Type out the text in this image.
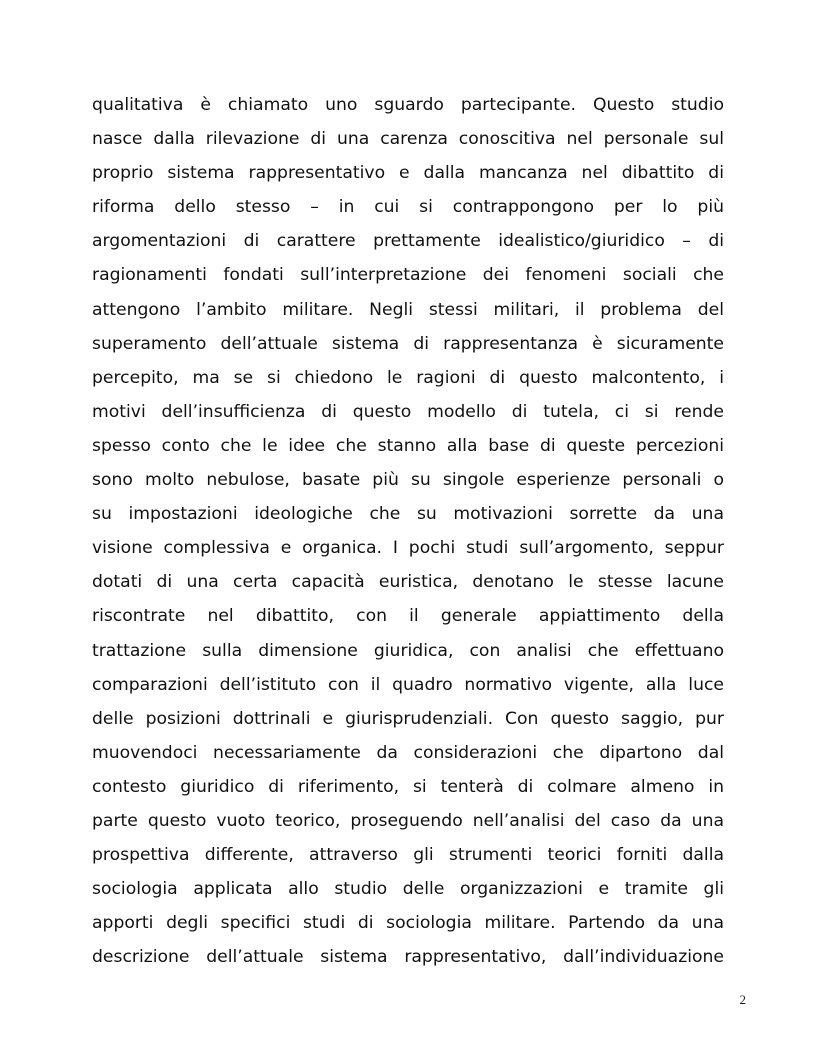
qualitativa è chiamato uno sguardo partecipante. Questo studio
nasce dalla rilevazione di una carenza conoscitiva nel personale sul
proprio sistema rappresentativo e dalla mancanza nel dibattito di
riforma dello stesso – in cui si contrappongono per lo più
argomentazioni di carattere prettamente idealistico/giuridico – di
ragionamenti fondati sull’interpretazione dei fenomeni sociali che
attengono l’ambito militare. Negli stessi militari, il problema del
superamento dell’attuale sistema di rappresentanza è sicuramente
percepito, ma se si chiedono le ragioni di questo malcontento, i
motivi dell’insufficienza di questo modello di tutela, ci si rende
spesso conto che le idee che stanno alla base di queste percezioni
sono molto nebulose, basate più su singole esperienze personali o
su impostazioni ideologiche che su motivazioni sorrette da una
visione complessiva e organica. I pochi studi sull’argomento, seppur
dotati di una certa capacità euristica, denotano le stesse lacune
riscontrate nel dibattito, con il generale appiattimento della
trattazione sulla dimensione giuridica, con analisi che effettuano
comparazioni dell’istituto con il quadro normativo vigente, alla luce
delle posizioni dottrinali e giurisprudenziali. Con questo saggio, pur
muovendoci necessariamente da considerazioni che dipartono dal
contesto giuridico di riferimento, si tenterà di colmare almeno in
parte questo vuoto teorico, proseguendo nell’analisi del caso da una
prospettiva differente, attraverso gli strumenti teorici forniti dalla
sociologia applicata allo studio delle organizzazioni e tramite gli
apporti degli specifici studi di sociologia militare. Partendo da una
descrizione dell’attuale sistema rappresentativo, dall’individuazione
2
